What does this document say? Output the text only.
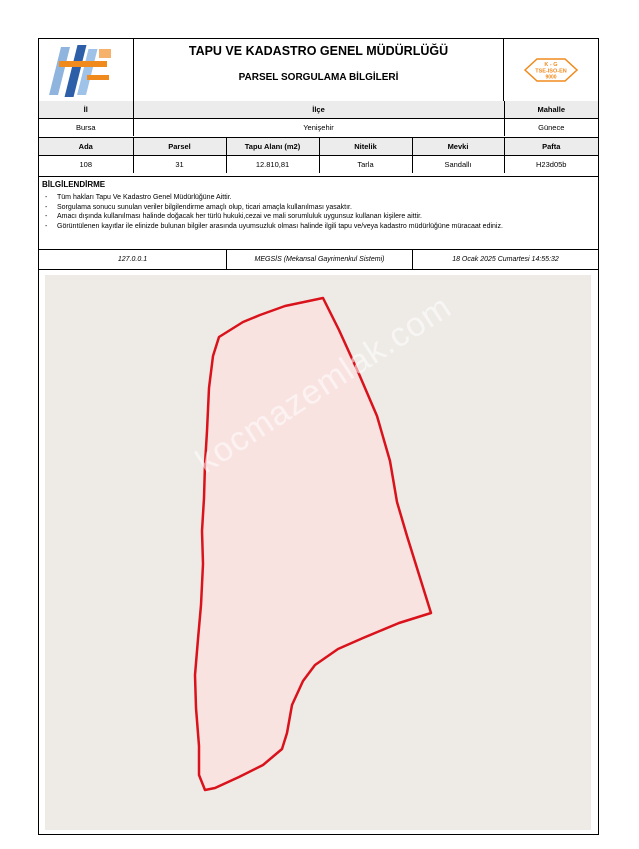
TAPU VE KADASTRO GENEL MÜDÜRLÜĞÜ
PARSEL SORGULAMA BİLGİLERİ
K - G
TSE-ISO-EN
9000
İl	İlçe	Mahalle
Bursa	Yenişehir	Günece
Ada	Parsel	Tapu Alanı (m2)	Nitelik	Mevki	Pafta
108	31	12.810,81	Tarla	Sandallı	H23d05b
BİLGİLENDİRME
- Tüm hakları Tapu Ve Kadastro Genel Müdürlüğüne Aittir.
- Sorgulama sonucu sunulan veriler bilgilendirme amaçlı olup, ticari amaçla kullanılması yasaktır.
- Amacı dışında kullanılması halinde doğacak her türlü hukuki,cezai ve mali sorumluluk uygunsuz kullanan kişilere aittir.
- Görüntülenen kayıtlar ile elinizde bulunan bilgiler arasında uyumsuzluk olması halinde ilgili tapu ve/veya kadastro müdürlüğüne müracaat ediniz.
127.0.0.1	MEGSİS (Mekansal Gayrimenkul Sistemi)	18 Ocak 2025 Cumartesi 14:55:32
kocmazemlak.com
